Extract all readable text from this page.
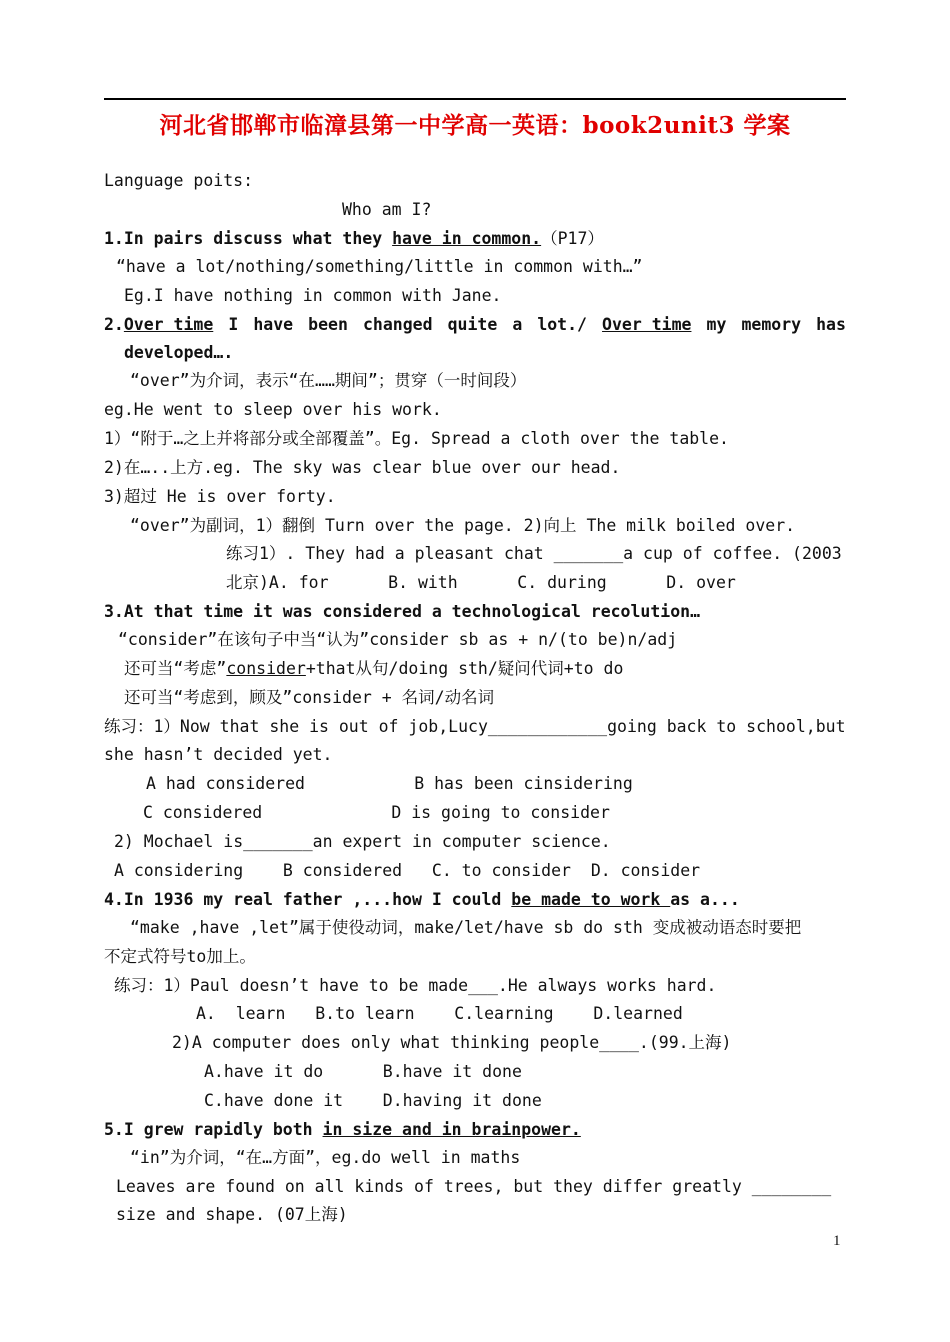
河北省邯郸市临漳县第一中学高一英语：book2unit3 学案
Language poits:
Who am I?
1.In pairs discuss what they have in common.（P17）
“have a lot/nothing/something/little in common with…”
Eg.I have nothing in common with Jane.
2.Over time I have been changed quite a lot./ Over time my memory has
developed….
“over”为介词，表示“在……期间”；贯穿（一时间段）
eg.He went to sleep over his work.
1）“附于…之上并将部分或全部覆盖”。Eg. Spread a cloth over the table.
2)在…..上方.eg. The sky was clear blue over our head.
3)超过 He is over forty.
“over”为副词，1）翻倒 Turn over the page. 2)向上 The milk boiled over.
练习1）. They had a pleasant chat _______a cup of coffee. (2003
北京)A. for      B. with      C. during      D. over
3.At that time it was considered a technological recolution…
“consider”在该句子中当“认为”consider sb as + n/(to be)n/adj
还可当“考虑”consider+that从句/doing sth/疑问代词+to do
还可当“考虑到，顾及”consider + 名词/动名词
练习：1）Now that she is out of job,Lucy____________going back to school,but
she hasn’t decided yet.
A had considered           B has been cinsidering
C considered             D is going to consider
2) Mochael is_______an expert in computer science.
A considering    B considered   C. to consider  D. consider
4.In 1936 my real father ,...how I could be made to work as a...
“make ,have ,let”属于使役动词，make/let/have sb do sth 变成被动语态时要把
不定式符号to加上。
练习：1）Paul doesn’t have to be made___.He always works hard.
A.  learn   B.to learn    C.learning    D.learned
2)A computer does only what thinking people____.(99.上海)
A.have it do      B.have it done
C.have done it    D.having it done
5.I grew rapidly both in size and in brainpower.
“in”为介词，“在…方面”，eg.do well in maths
Leaves are found on all kinds of trees, but they differ greatly ________
size and shape. (07上海)
1
